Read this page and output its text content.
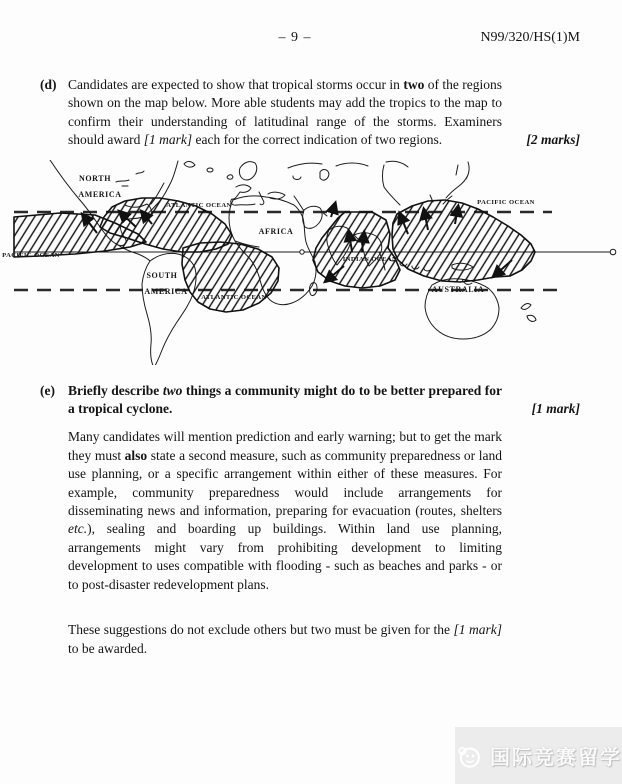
– 9 –	N99/320/HS(1)M
(d) Candidates are expected to show that tropical storms occur in two of the regions shown on the map below. More able students may add the tropics to the map to confirm their understanding of latitudinal range of the storms. Examiners should award [1 mark] each for the correct indication of two regions.	[2 marks]
NORTH
AMERICA
ATLANTIC OCEAN	PACIFIC OCEAN
AFRICA
PACIFIC OCEAN
SOUTH
AMERICA
ATLANTIC OCEAN
INDIAN OCEAN
AUSTRALIA
(e) Briefly describe two things a community might do to be better prepared for a tropical cyclone.	[1 mark]
Many candidates will mention prediction and early warning; but to get the mark they must also state a second measure, such as community preparedness or land use planning, or a specific arrangement within either of these measures. For example, community preparedness would include arrangements for disseminating news and information, preparing for evacuation (routes, shelters etc.), sealing and boarding up buildings. Within land use planning, arrangements might vary from prohibiting development to limiting development to uses compatible with flooding - such as beaches and parks - or to post-disaster redevelopment plans.
These suggestions do not exclude others but two must be given for the [1 mark] to be awarded.
国际竞赛留学
